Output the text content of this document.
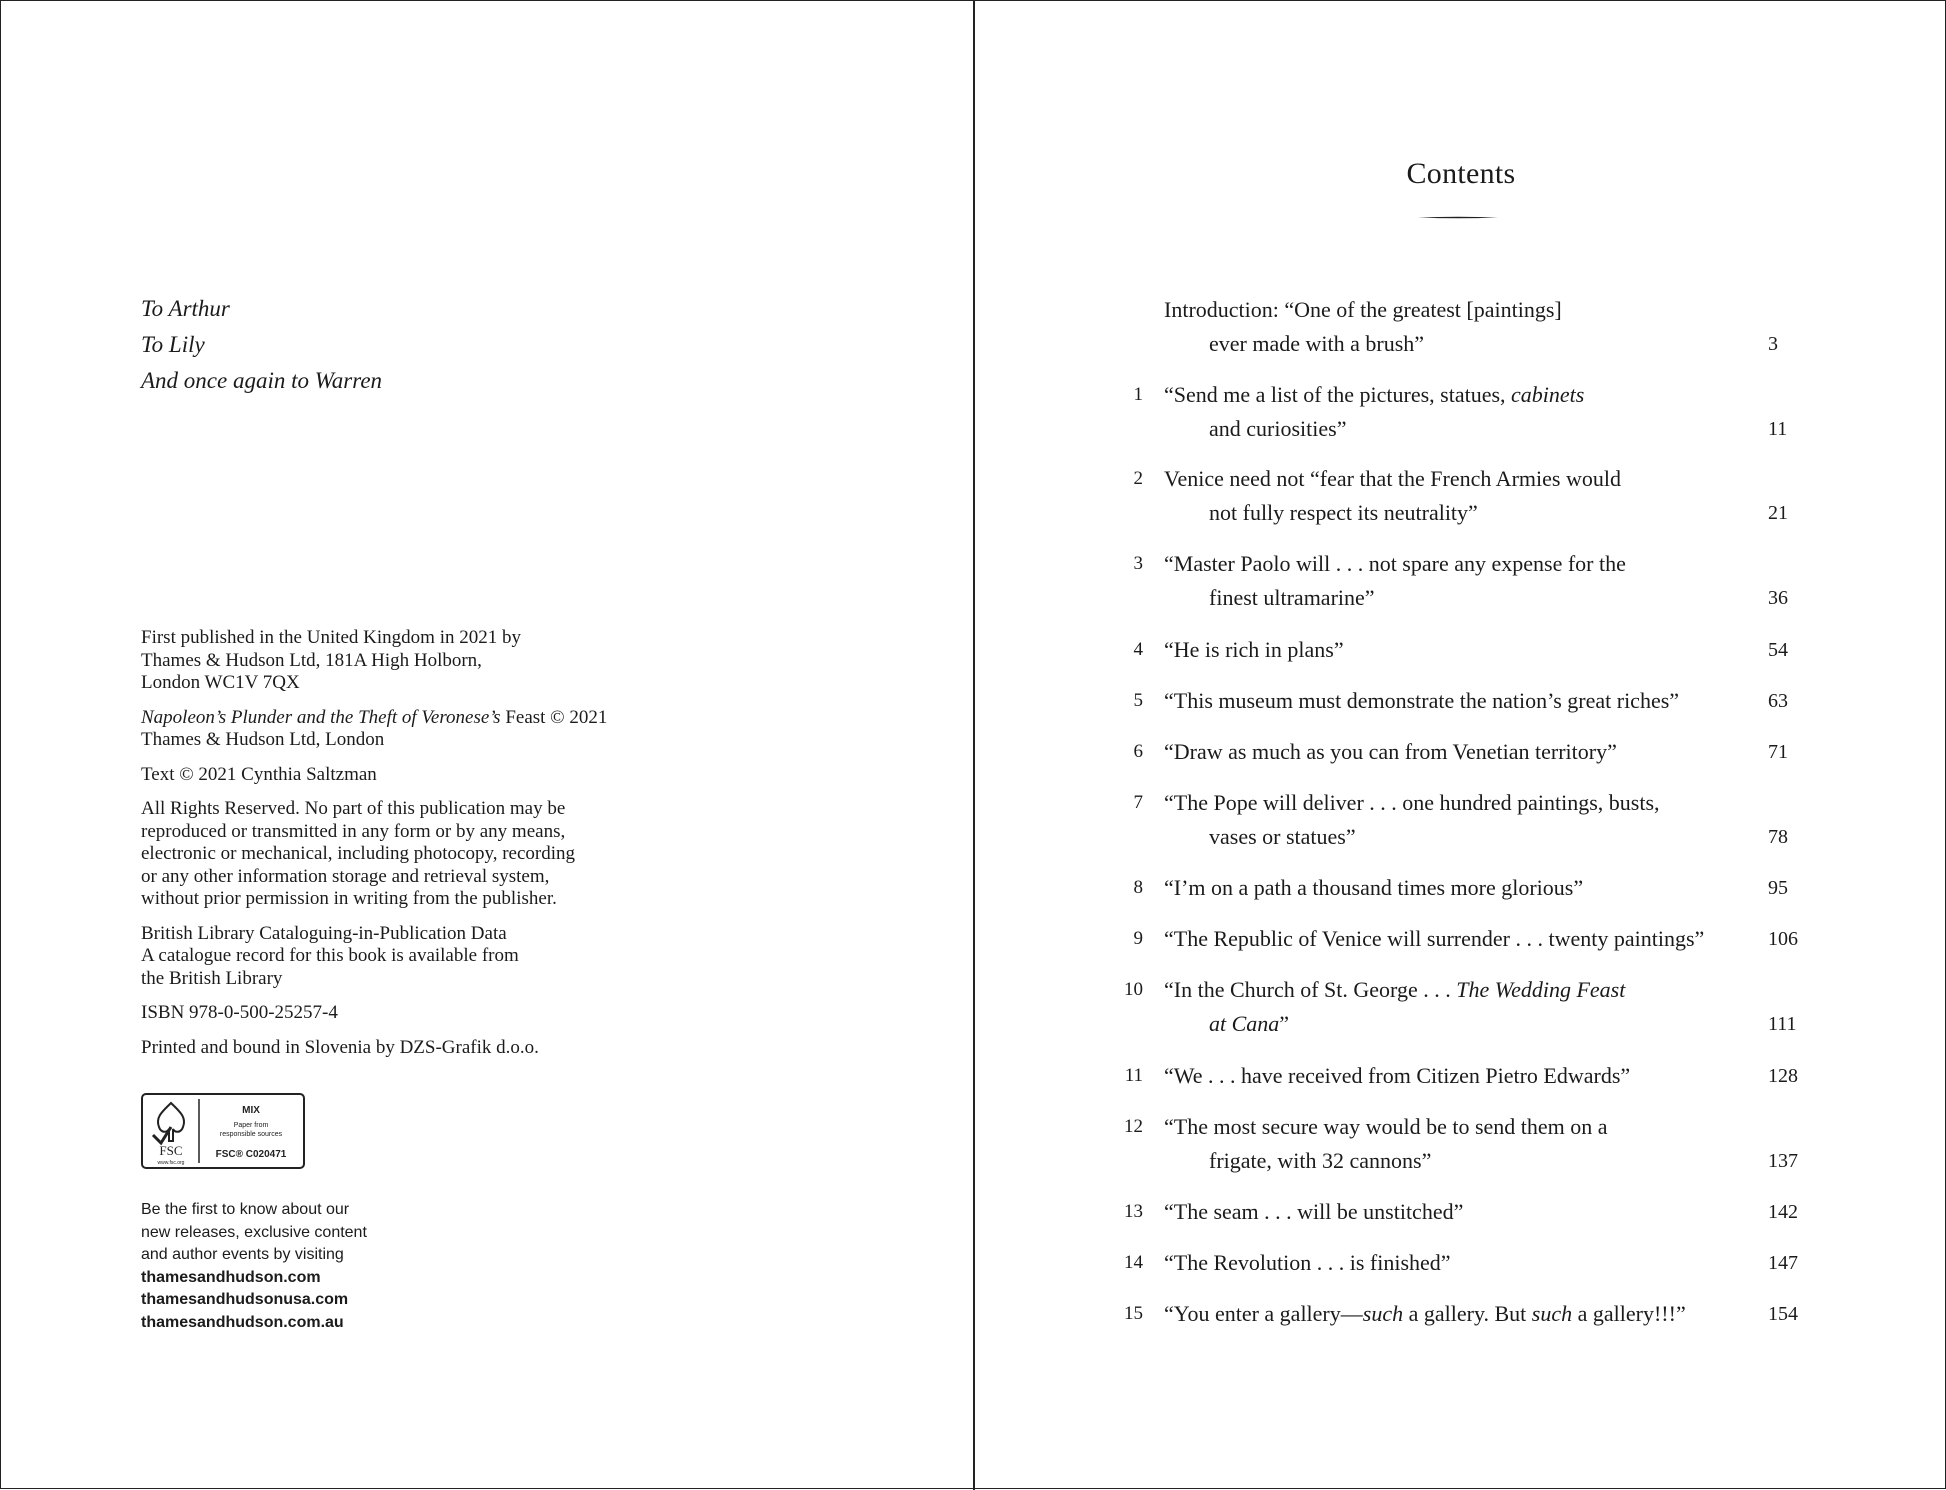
To Arthur
To Lily
And once again to Warren

First published in the United Kingdom in 2021 by
Thames & Hudson Ltd, 181A High Holborn,
London WC1V 7QX

Napoleon’s Plunder and the Theft of Veronese’s Feast © 2021
Thames & Hudson Ltd, London

Text © 2021 Cynthia Saltzman

All Rights Reserved. No part of this publication may be
reproduced or transmitted in any form or by any means,
electronic or mechanical, including photocopy, recording
or any other information storage and retrieval system,
without prior permission in writing from the publisher.

British Library Cataloguing-in-Publication Data
A catalogue record for this book is available from
the British Library

ISBN 978-0-500-25257-4

Printed and bound in Slovenia by DZS-Grafik d.o.o.

FSC
www.fsc.org
MIX
Paper from
responsible sources
FSC® C020471
Be the first to know about our
new releases, exclusive content
and author events by visiting
thamesandhudson.com
thamesandhudsonusa.com
thamesandhudson.com.au
Contents
Introduction: “One of the greatest [paintings]
ever made with a brush”	3
1 “Send me a list of the pictures, statues, cabinets
and curiosities”	11
2 Venice need not “fear that the French Armies would
not fully respect its neutrality”	21
3 “Master Paolo will . . . not spare any expense for the
finest ultramarine”	36
4 “He is rich in plans”	54
5 “This museum must demonstrate the nation’s great riches”	63
6 “Draw as much as you can from Venetian territory”	71
7 “The Pope will deliver . . . one hundred paintings, busts,
vases or statues”	78
8 “I’m on a path a thousand times more glorious”	95
9 “The Republic of Venice will surrender . . . twenty paintings”	106
10 “In the Church of St. George . . . The Wedding Feast
at Cana”	111
11 “We . . . have received from Citizen Pietro Edwards”	128
12 “The most secure way would be to send them on a
frigate, with 32 cannons”	137
13 “The seam . . . will be unstitched”	142
14 “The Revolution . . . is finished”	147
15 “You enter a gallery—such a gallery. But such a gallery!!!”	154
